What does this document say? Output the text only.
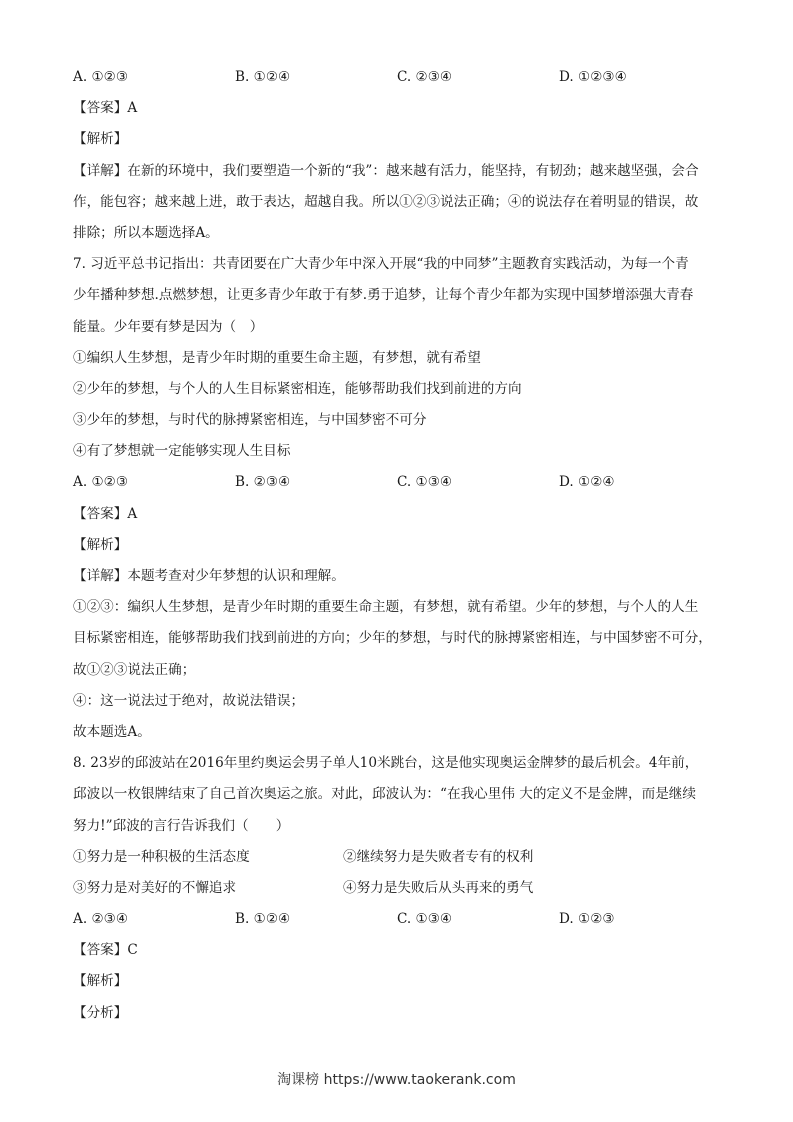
A. ①②③	B. ①②④	C. ②③④	D. ①②③④
【答案】A
【解析】
【详解】在新的环境中，我们要塑造一个新的“我”：越来越有活力，能坚持，有韧劲；越来越坚强，会合
作，能包容；越来越上进，敢于表达，超越自我。所以①②③说法正确；④的说法存在着明显的错误，故
排除；所以本题选择A。
7. 习近平总书记指出：共青团要在广大青少年中深入开展“我的中同梦”主题教育实践活动，为每一个青
少年播种梦想.点燃梦想，让更多青少年敢于有梦.勇于追梦，让每个青少年都为实现中国梦增添强大青春
能量。少年要有梦是因为（　）
①编织人生梦想，是青少年时期的重要生命主题，有梦想，就有希望
②少年的梦想，与个人的人生目标紧密相连，能够帮助我们找到前进的方向
③少年的梦想，与时代的脉搏紧密相连，与中国梦密不可分
④有了梦想就一定能够实现人生目标
A. ①②③	B. ②③④	C. ①③④	D. ①②④
【答案】A
【解析】
【详解】本题考查对少年梦想的认识和理解。
①②③：编织人生梦想，是青少年时期的重要生命主题，有梦想，就有希望。少年的梦想，与个人的人生
目标紧密相连，能够帮助我们找到前进的方向；少年的梦想，与时代的脉搏紧密相连，与中国梦密不可分，
故①②③说法正确；
④：这一说法过于绝对，故说法错误；
故本题选A。
8. 23岁的邱波站在2016年里约奥运会男子单人10米跳台，这是他实现奥运金牌梦的最后机会。4年前，
邱波以一枚银牌结束了自己首次奥运之旅。对此，邱波认为：“在我心里伟 大的定义不是金牌，而是继续
努力!”邱波的言行告诉我们（　　）
①努力是一种积极的生活态度	②继续努力是失败者专有的权利
③努力是对美好的不懈追求	④努力是失败后从头再来的勇气
A. ②③④	B. ①②④	C. ①③④	D. ①②③
【答案】C
【解析】
【分析】
淘课榜 https://www.taokerank.com
